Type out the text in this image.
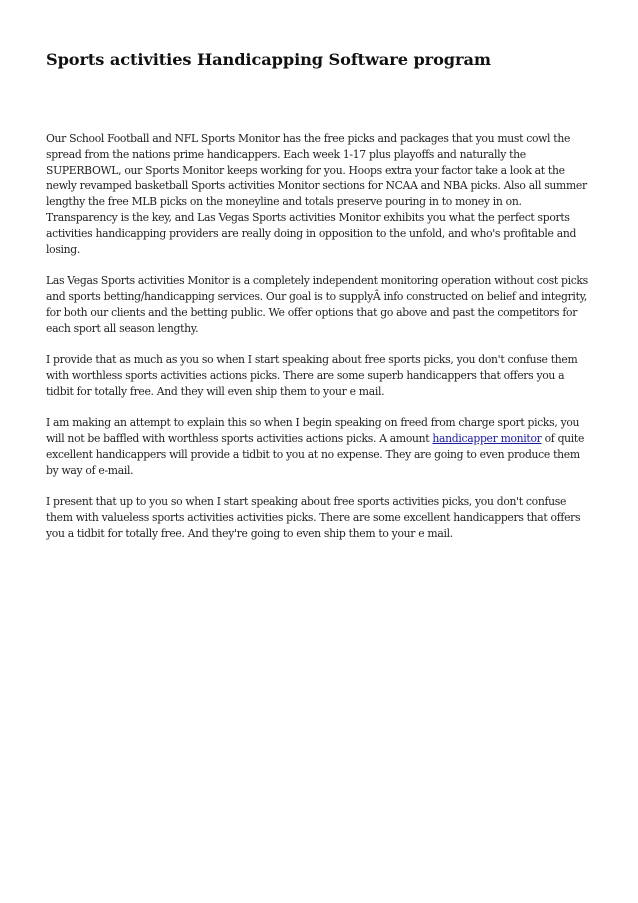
Sports activities Handicapping Software program

Our School Football and NFL Sports Monitor has the free picks and packages that you must cowl the spread from the nations prime handicappers. Each week 1-17 plus playoffs and naturally the SUPERBOWL, our Sports Monitor keeps working for you. Hoops extra your factor take a look at the newly revamped basketball Sports activities Monitor sections for NCAA and NBA picks. Also all summer lengthy the free MLB picks on the moneyline and totals preserve pouring in to money in on. Transparency is the key, and Las Vegas Sports activities Monitor exhibits you what the perfect sports activities handicapping providers are really doing in opposition to the unfold, and who's profitable and losing.

Las Vegas Sports activities Monitor is a completely independent monitoring operation without cost picks and sports betting/handicapping services. Our goal is to supplyÂ info constructed on belief and integrity, for both our clients and the betting public. We offer options that go above and past the competitors for each sport all season lengthy.

I provide that as much as you so when I start speaking about free sports picks, you don't confuse them with worthless sports activities actions picks. There are some superb handicappers that offers you a tidbit for totally free. And they will even ship them to your e mail.

I am making an attempt to explain this so when I begin speaking on freed from charge sport picks, you will not be baffled with worthless sports activities actions picks. A amount handicapper monitor of quite excellent handicappers will provide a tidbit to you at no expense. They are going to even produce them by way of e-mail.

I present that up to you so when I start speaking about free sports activities picks, you don't confuse them with valueless sports activities activities picks. There are some excellent handicappers that offers you a tidbit for totally free. And they're going to even ship them to your e mail.
